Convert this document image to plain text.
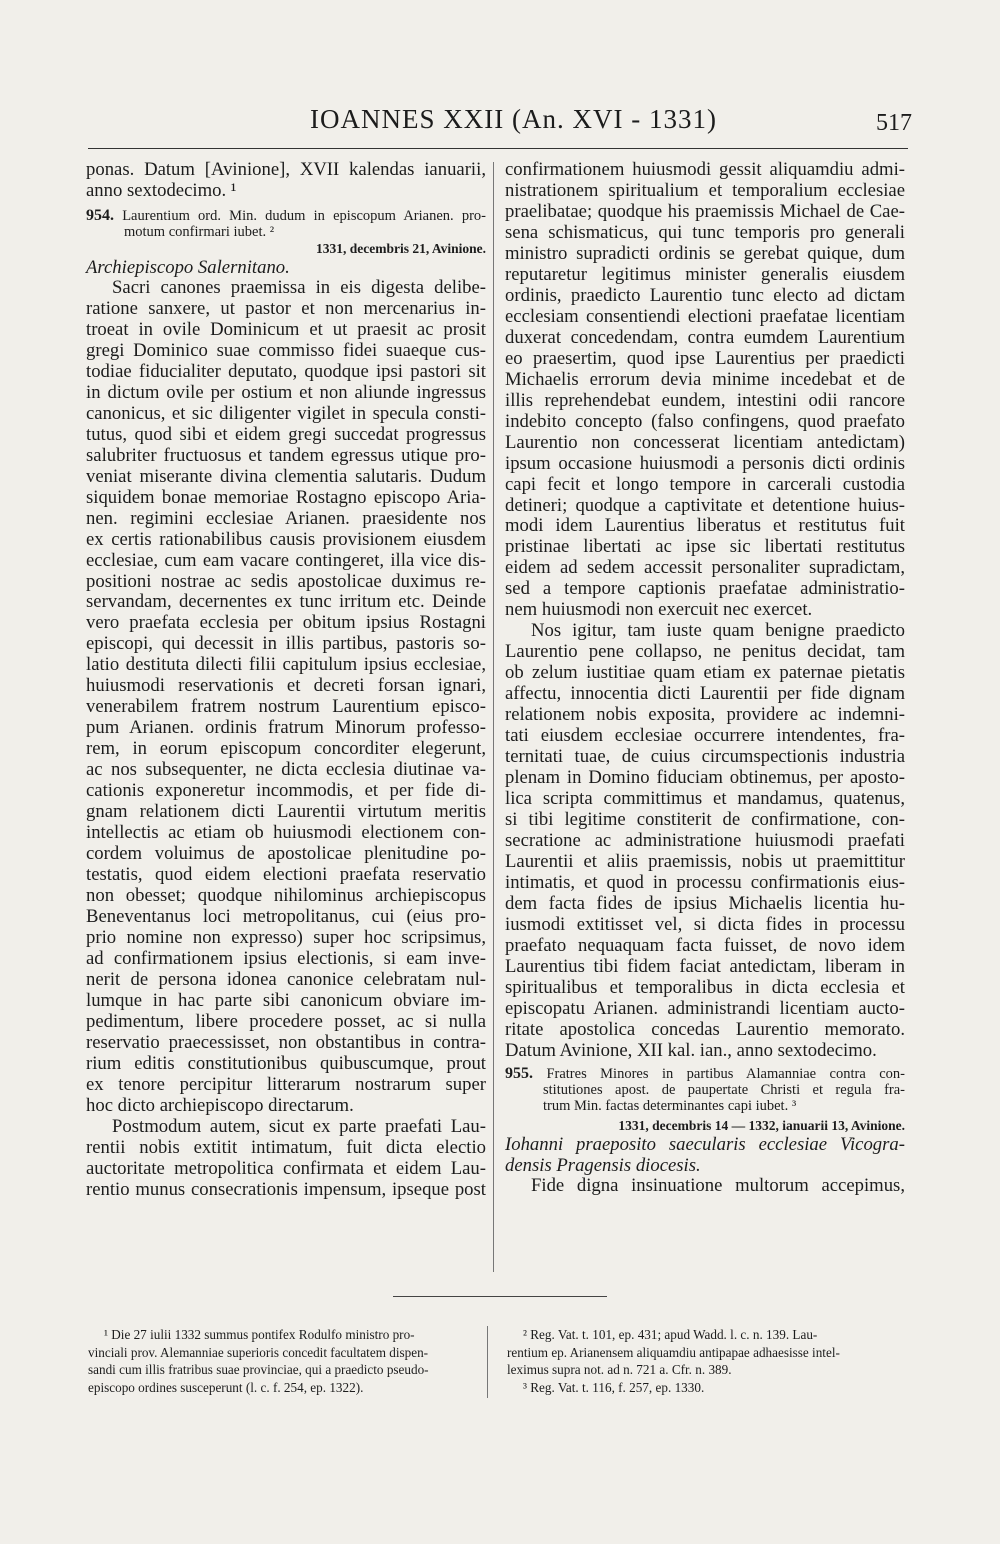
IOANNES XXII (An. XVI - 1331)	517

ponas. Datum [Avinione], XVII kalendas ianuarii,

anno sextodecimo. ¹

954. Laurentium ord. Min. dudum in episcopum Arianen. pro-

motum confirmari iubet. ²

1331, decembris 21, Avinione.

Archiepiscopo Salernitano.

Sacri canones praemissa in eis digesta delibe-

ratione sanxere, ut pastor et non mercenarius in-

troeat in ovile Dominicum et ut praesit ac prosit

gregi Dominico suae commisso fidei suaeque cus-

todiae fiducialiter deputato, quodque ipsi pastori sit

in dictum ovile per ostium et non aliunde ingressus

canonicus, et sic diligenter vigilet in specula consti-

tutus, quod sibi et eidem gregi succedat progressus

salubriter fructuosus et tandem egressus utique pro-

veniat miserante divina clementia salutaris. Dudum

siquidem bonae memoriae Rostagno episcopo Aria-

nen. regimini ecclesiae Arianen. praesidente nos

ex certis rationabilibus causis provisionem eiusdem

ecclesiae, cum eam vacare contingeret, illa vice dis-

positioni nostrae ac sedis apostolicae duximus re-

servandam, decernentes ex tunc irritum etc. Deinde

vero praefata ecclesia per obitum ipsius Rostagni

episcopi, qui decessit in illis partibus, pastoris so-

latio destituta dilecti filii capitulum ipsius ecclesiae,

huiusmodi reservationis et decreti forsan ignari,

venerabilem fratrem nostrum Laurentium episco-

pum Arianen. ordinis fratrum Minorum professo-

rem, in eorum episcopum concorditer elegerunt,

ac nos subsequenter, ne dicta ecclesia diutinae va-

cationis exponeretur incommodis, et per fide di-

gnam relationem dicti Laurentii virtutum meritis

intellectis ac etiam ob huiusmodi electionem con-

cordem voluimus de apostolicae plenitudine po-

testatis, quod eidem electioni praefata reservatio

non obesset; quodque nihilominus archiepiscopus

Beneventanus loci metropolitanus, cui (eius pro-

prio nomine non expresso) super hoc scripsimus,

ad confirmationem ipsius electionis, si eam inve-

nerit de persona idonea canonice celebratam nul-

lumque in hac parte sibi canonicum obviare im-

pedimentum, libere procedere posset, ac si nulla

reservatio praecessisset, non obstantibus in contra-

rium editis constitutionibus quibuscumque, prout

ex tenore percipitur litterarum nostrarum super

hoc dicto archiepiscopo directarum.

Postmodum autem, sicut ex parte praefati Lau-

rentii nobis extitit intimatum, fuit dicta electio

auctoritate metropolitica confirmata et eidem Lau-

rentio munus consecrationis impensum, ipseque post

confirmationem huiusmodi gessit aliquamdiu admi-

nistrationem spiritualium et temporalium ecclesiae

praelibatae; quodque his praemissis Michael de Cae-

sena schismaticus, qui tunc temporis pro generali

ministro supradicti ordinis se gerebat quique, dum

reputaretur legitimus minister generalis eiusdem

ordinis, praedicto Laurentio tunc electo ad dictam

ecclesiam consentiendi electioni praefatae licentiam

duxerat concedendam, contra eumdem Laurentium

eo praesertim, quod ipse Laurentius per praedicti

Michaelis errorum devia minime incedebat et de

illis reprehendebat eundem, intestini odii rancore

indebito concepto (falso confingens, quod praefato

Laurentio non concesserat licentiam antedictam)

ipsum occasione huiusmodi a personis dicti ordinis

capi fecit et longo tempore in carcerali custodia

detineri; quodque a captivitate et detentione huius-

modi idem Laurentius liberatus et restitutus fuit

pristinae libertati ac ipse sic libertati restitutus

eidem ad sedem accessit personaliter supradictam,

sed a tempore captionis praefatae administratio-

nem huiusmodi non exercuit nec exercet.

Nos igitur, tam iuste quam benigne praedicto

Laurentio pene collapso, ne penitus decidat, tam

ob zelum iustitiae quam etiam ex paternae pietatis

affectu, innocentia dicti Laurentii per fide dignam

relationem nobis exposita, providere ac indemni-

tati eiusdem ecclesiae occurrere intendentes, fra-

ternitati tuae, de cuius circumspectionis industria

plenam in Domino fiduciam obtinemus, per aposto-

lica scripta committimus et mandamus, quatenus,

si tibi legitime constiterit de confirmatione, con-

secratione ac administratione huiusmodi praefati

Laurentii et aliis praemissis, nobis ut praemittitur

intimatis, et quod in processu confirmationis eius-

dem facta fides de ipsius Michaelis licentia hu-

iusmodi extitisset vel, si dicta fides in processu

praefato nequaquam facta fuisset, de novo idem

Laurentius tibi fidem faciat antedictam, liberam in

spiritualibus et temporalibus in dicta ecclesia et

episcopatu Arianen. administrandi licentiam aucto-

ritate apostolica concedas Laurentio memorato.

Datum Avinione, XII kal. ian., anno sextodecimo.

955. Fratres Minores in partibus Alamanniae contra con-

stitutiones apost. de paupertate Christi et regula fra-

trum Min. factas determinantes capi iubet. ³

1331, decembris 14 — 1332, ianuarii 13, Avinione.

Iohanni praeposito saecularis ecclesiae Vicogra-

densis Pragensis diocesis.

Fide digna insinuatione multorum accepimus,

¹ Die 27 iulii 1332 summus pontifex Rodulfo ministro pro-

vinciali prov. Alemanniae superioris concedit facultatem dispen-

sandi cum illis fratribus suae provinciae, qui a praedicto pseudo-

episcopo ordines susceperunt (l. c. f. 254, ep. 1322).

² Reg. Vat. t. 101, ep. 431; apud Wadd. l. c. n. 139. Lau-

rentium ep. Arianensem aliquamdiu antipapae adhaesisse intel-

leximus supra not. ad n. 721 a. Cfr. n. 389.

³ Reg. Vat. t. 116, f. 257, ep. 1330.
